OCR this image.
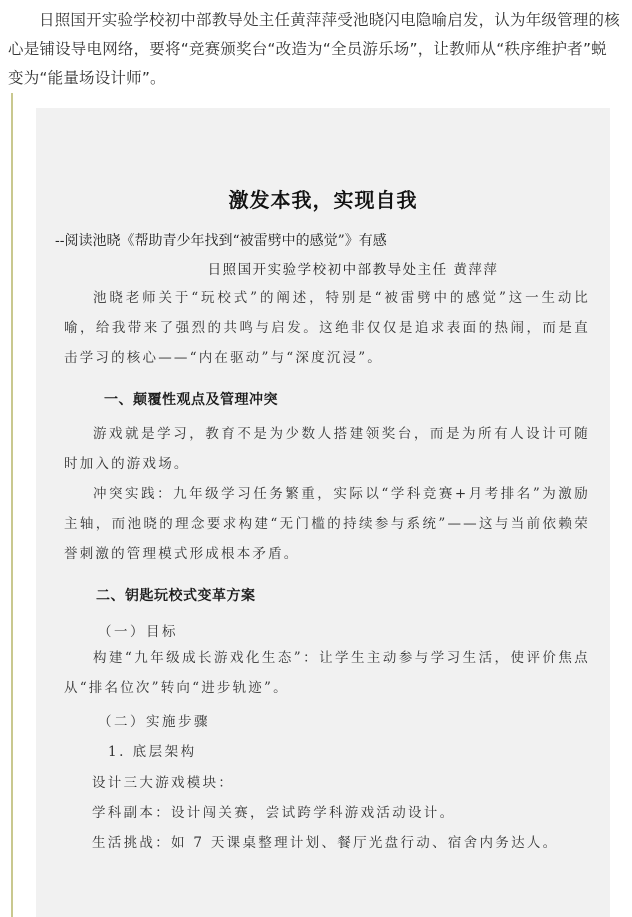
日照国开实验学校初中部教导处主任黄萍萍受池晓闪电隐喻启发，认为年级管理的核心是铺设导电网络，要将“竞赛颁奖台“改造为“全员游乐场”，让教师从“秩序维护者”蜕变为“能量场设计师”。

激发本我，实现自我
--阅读池晓《帮助青少年找到“被雷劈中的感觉”》有感
日照国开实验学校初中部教导处主任 黄萍萍
池晓老师关于“玩校式”的阐述，特别是“被雷劈中的感觉”这一生动比喻，给我带来了强烈的共鸣与启发。这绝非仅仅是追求表面的热闹，而是直击学习的核心——“内在驱动”与“深度沉浸”。
一、颠覆性观点及管理冲突
游戏就是学习，教育不是为少数人搭建领奖台，而是为所有人设计可随时加入的游戏场。
冲突实践：九年级学习任务繁重，实际以“学科竞赛+月考排名”为激励主轴，而池晓的理念要求构建“无门槛的持续参与系统”——这与当前依赖荣誉刺激的管理模式形成根本矛盾。
二、钥匙玩校式变革方案
（一）目标
构建“九年级成长游戏化生态”：让学生主动参与学习生活，使评价焦点从“排名位次”转向“进步轨迹”。
（二）实施步骤
1. 底层架构
设计三大游戏模块：
学科副本：设计闯关赛，尝试跨学科游戏活动设计。
生活挑战：如 7 天课桌整理计划、餐厅光盘行动、宿舍内务达人。
